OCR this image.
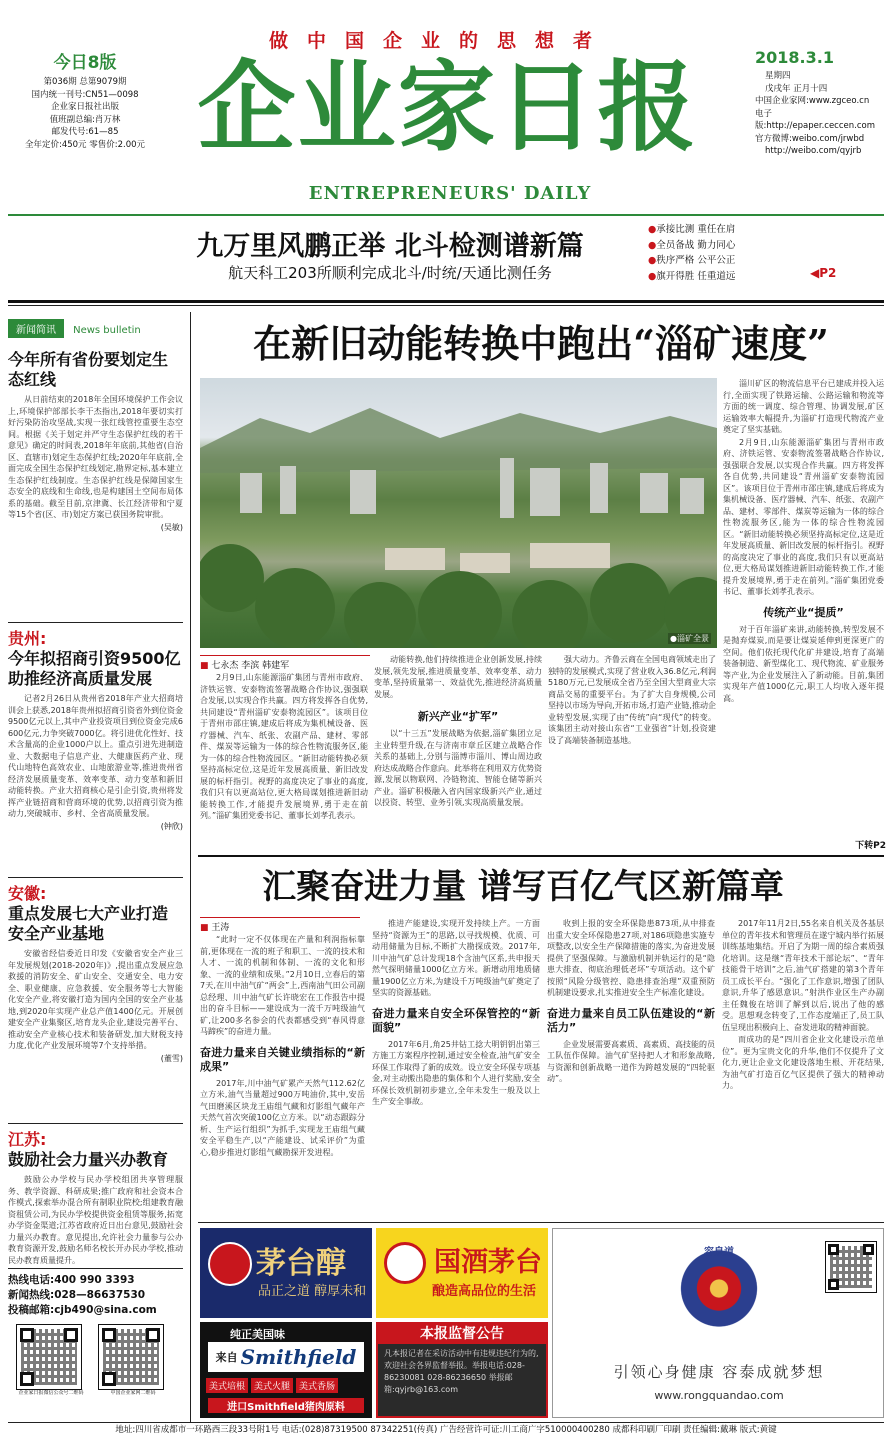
今日8版
第036期 总第9079期
国内统一刊号:CN51—0098
企业家日报社出版
值班副总编:肖万林
邮发代号:61—85
全年定价:450元 零售价:2.00元
做中国企业的思想者
企业家日报
ENTREPRENEURS' DAILY
2018.3.1
星期四
戊戌年 正月十四
中国企业家网:www.zgceo.cn
电子版:http://epaper.ceccen.com
官方微博:weibo.com/jrwbd
http://weibo.com/qyjrb
九万里风鹏正举 北斗检测谱新篇
航天科工203所顺利完成北斗/时统/天通比测任务
●承接比测 重任在肩
●全员备战 勤力同心
●秩序严格 公平公正
●旗开得胜 任重道远	◀P2
新闻简讯 News bulletin
今年所有省份要划定生态红线

从日前结束的2018年全国环境保护工作会议上,环境保护部部长李干杰指出,2018年要切实打好污染防治攻坚战,实现一张红线管控重要生态空间。根据《关于划定并严守生态保护红线的若干意见》确定的时间表,2018年年底前,其他省(自治区、直辖市)划定生态保护红线;2020年年底前,全面完成全国生态保护红线划定,勘界定标,基本建立生态保护红线制度。生态保护红线是保障国家生态安全的底线和生命线,也是构建国土空间布局体系的基础。截至目前,京津冀、长江经济带和宁夏等15个省(区、市)划定方案已获国务院审批。

(吴敏)
贵州:
今年拟招商引资9500亿助推经济高质量发展

记者2月26日从贵州省2018年产业大招商培训会上获悉,2018年贵州拟招商引资省外到位资金9500亿元以上,其中产业投资项目到位资金完成6600亿元,力争突破7000亿。将引进优化性好、技术含量高的企业1000户以上。重点引进先进制造业、大数据电子信息产业、大健康医药产业、现代山地特色高效农业、山地旅游业等,推进贵州省经济发展质量变革、效率变革、动力变革和新旧动能转换。产业大招商核心是引企引资,贵州将发挥产业链招商和营商环境的优势,以招商引资为推动力,突破城市、乡村、全省高质量发展。

(钟欣)
安徽:
重点发展七大产业打造安全产业基地

安徽省经信委近日印发《安徽省安全产业三年发展规划(2018-2020年)》,提出重点发展应急救援的消防安全、矿山安全、交通安全、电力安全、职业健康、应急救援、安全服务等七大智能化安全产业,将安徽打造为国内全国的安全产业基地,到2020年实现产业总产值1400亿元。开展创建安全产业集聚区,培育龙头企业,建设完善平台、推动安全产业核心技术和装备研发,加大财税支持力度,优化产业发展环境等7个支持举措。

(董雪)
江苏:
鼓励社会力量兴办教育

鼓励公办学校与民办学校组团共享管理服务、教学资源、科研成果;推广政府和社会资本合作模式,探索举办混合所有制职业院校;组建教育融资租赁公司,为民办学校提供资金租赁等服务,拓宽办学资金渠道;江苏省政府近日出台意见,鼓励社会力量兴办教育。意见提出,允许社会力量参与公办教育资源开发,鼓励名师名校长开办民办学校,推动民办教育质量提升。

热线电话:400 990 3393
新闻热线:028—86637530
投稿邮箱:cjb490@sina.com
企业家日报微信公众号二维码	中国企业家网二维码
在新旧动能转换中跑出“淄矿速度”
●淄矿全景
■ 七永杰 李滨 韩建军

2月9日,山东能源淄矿集团与青州市政府、济铁运管、安泰物流签署战略合作协议,强强联合发展,以实现合作共赢。四方将发挥各自优势,共同建设“青州淄矿安泰物流园区”。该项目位于青州市邵庄镇,建成后将成为集机械设备、医疗器械、汽车、纸张、农副产品、建材、零部件、煤炭等运输为一体的综合性物流服务区,能为一体的综合性物流园区。“新旧动能转换必须坚持高标定位,这是近年发展高质量、新旧改发展的标杆指引。视野的高度决定了事业的高度,我们只有以更高站位,更大格局谋划推进新旧动能转换工作,才能提升发展境界,勇于走在前列。”淄矿集团党委书记、董事长刘孝孔表示。

动能转换,他们持续推进企业创新发展,持续发展,领先发展,推进质量变革、效率变革、动力变革,坚持质量第一、效益优先,推进经济高质量发展。

新兴产业“扩军”

以“十三五”发展战略为依据,淄矿集团立足主业转型升级,在与济南市章丘区建立战略合作关系的基础上,分别与淄博市淄川、博山周边政府达成战略合作意向。此举将在利用双方优势资源,发展以物联网、冷链物流、智能仓储等新兴产业。淄矿积极融入省内国家级新兴产业,通过以投资、转型、业务引领,实现高质量发展。

强大动力。齐鲁云商在全国电商领域走出了独特的发展模式,实现了营业收入36.8亿元,利润5180万元,已发展成全省乃至全国大型商业大宗商品交易的重要平台。为了扩大自身规模,公司坚持以市场为导向,开拓市场,打造产业链,推动企业转型发展,实现了由“传统”向“现代”的转变。该集团主动对接山东省“工业强省”计划,投资建设了高端装备制造基地。

淄川矿区的物流信息平台已建成并投入运行,全面实现了铁路运输、公路运输和物流等方面的统一调度、综合管理、协调发展,矿区运输效率大幅提升,为淄矿打造现代物流产业奠定了坚实基础。

2月9日,山东能源淄矿集团与青州市政府、济铁运管、安泰物流签署战略合作协议,强强联合发展,以实现合作共赢。四方将发挥各自优势,共同建设“青州淄矿安泰物流园区”。该项目位于青州市邵庄镇,建成后将成为集机械设备、医疗器械、汽车、纸张、农副产品、建材、零部件、煤炭等运输为一体的综合性物流服务区,能为一体的综合性物流园区。“新旧动能转换必须坚持高标定位,这是近年发展高质量、新旧改发展的标杆指引。视野的高度决定了事业的高度,我们只有以更高站位,更大格局谋划推进新旧动能转换工作,才能提升发展境界,勇于走在前列。”淄矿集团党委书记、董事长刘孝孔表示。

传统产业“提质”

对于百年淄矿来讲,动能转换,转型发展不是抛弃煤炭,而是要让煤炭延伸到更深更广的空间。他们依托现代化矿井建设,培育了高端装备制造、新型煤化工、现代物流、矿业服务等产业,为企业发展注入了新动能。目前,集团实现年产值1000亿元,职工人均收入逐年提高。

下转P2
汇聚奋进力量 谱写百亿气区新篇章
■ 王涛

“此时一定不仅体现在产量和利润指标靠前,更体现在一流的班子和职工、一流的技术和人才、一流的机制和体制、一流的文化和形象、一流的业绩和成果。”2月10日,立春后的第7天,在川中油气矿“两会”上,西南油气田公司副总经理、川中油气矿长许晓宏在工作报告中提出的奋斗目标——建设成为一流千万吨级油气矿,让200多名参会的代表都感受到“春风得意马蹄疾”的奋进力量。

奋进力量来自关键业绩指标的“新成果”

2017年,川中油气矿累产天然气112.62亿立方米,油气当量超过900万吨油价,其中,安岳气田磨溪区块龙王庙组气藏和灯影组气藏年产天然气首次突破100亿立方米。以“动态跟踪分析、生产运行组织”为抓手,实现龙王庙组气藏安全平稳生产,以“产能建设、试采评价”为重心,稳步推进灯影组气藏勘探开发进程。

推进产能建设,实现开发持续上产。一方面坚持“资源为王”的思路,以寻找规模、优质、可动用储量为目标,不断扩大勘探成效。2017年,川中油气矿总计发现18个含油气区系,共申报天然气探明储量1000亿立方米。新增动用地质储量1900亿立方米,为建设千万吨级油气矿奠定了坚实的资源基础。

奋进力量来自安全环保管控的“新面貌”

2017年6月,角25井钻工捻大明钥钥出第三方施工方案程序控制,通过安全检查,油气矿安全环保工作取得了新的成效。设立安全环保专项基金,对主动搬出隐患的集体和个人进行奖励,安全环保长效机制初步建立,全年未发生一般及以上生产安全事故。

收到上报的安全环保隐患873项,从中排查出重大安全环保隐患27项,对186项隐患实施专项整改,以安全生产保障措施的落实,为奋进发展提供了坚强保障。与激励机制并轨运行的是“隐患大排查、彻底治理低老坏”专项活动。这个矿按照“风险分级管控、隐患排查治理”双重预防机制建设要求,扎实推进安全生产标准化建设。

奋进力量来自员工队伍建设的“新活力”

企业发展需要高素质、高素质、高技能的员工队伍作保障。油气矿坚持把人才和形象战略,与资源和创新战略一道作为跨越发展的“四轮驱动”。

2017年11月2日,55名来自机关及各基层单位的青年技术和管理员在遂宁城内举行拓展训练基地集结。开启了为期一周的综合素质强化培训。这是继“青年技术干部论坛”、“青年技能骨干培训”之后,油气矿搭建的第3个青年员工成长平台。“强化了工作意识,增强了团队意识,升华了感恩意识。”射洪作业区生产办副主任魏俊在培训了解到以后,说出了他的感受。思想观念转变了,工作态度端正了,员工队伍呈现出积极向上、奋发进取的精神面貌。

而成功的是“四川省企业文化建设示范单位”。更为宝贵文化的升华,他们不仅提升了文化力,更让企业文化建设落地生根、开花结果,为油气矿打造百亿气区提供了强大的精神动力。

茅台醇
品正之道 醇厚未和
国酒茅台
酿造高品位的生活
纯正美国味
来自 Smithfield
美式培根	美式火腿	美式香肠
进口Smithfield猪肉原料
本报监督公告
凡本报记者在采访活动中有违规违纪行为的,欢迎社会各界监督举报。举报电话:028-86230081 028-86236650 举报邮箱:qyjrb@163.com
容泉道
引领心身健康 容泰成就梦想
www.rongquandao.com
地址:四川省成都市一环路西三段33号附1号 电话:(028)87319500 87342251(传真) 广告经营许可证:川工商广字510000400280 成都科印刷厂印刷 责任编辑:戴琳 版式:黄键
